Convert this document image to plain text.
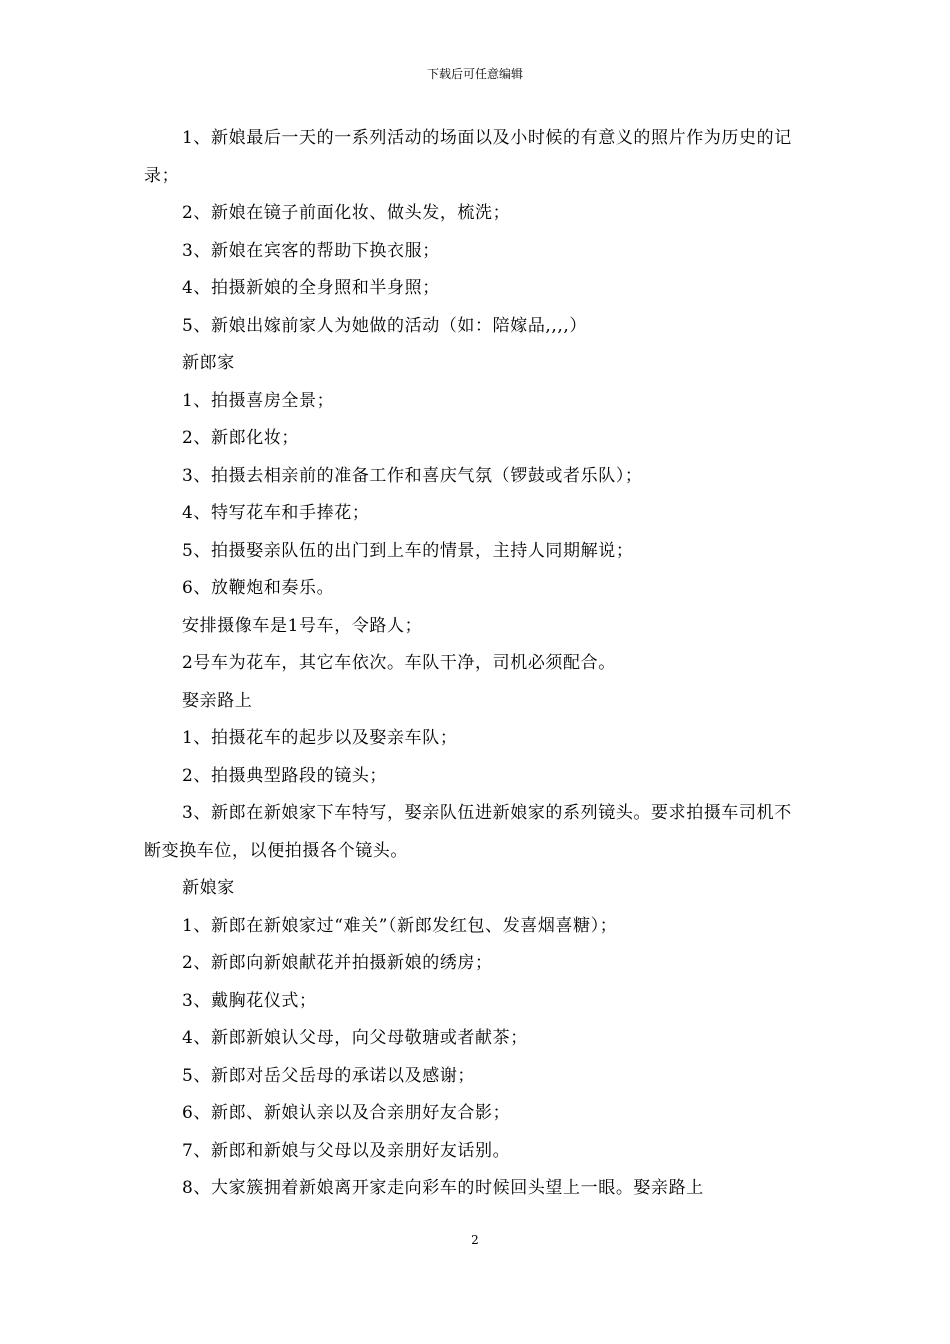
下载后可任意编辑

1、新娘最后一天的一系列活动的场面以及小时候的有意义的照片作为历史的记录；

2、新娘在镜子前面化妆、做头发，梳洗；

3、新娘在宾客的帮助下换衣服；

4、拍摄新娘的全身照和半身照；

5、新娘出嫁前家人为她做的活动（如：陪嫁品,,,,）

新郎家

1、拍摄喜房全景；

2、新郎化妆；

3、拍摄去相亲前的准备工作和喜庆气氛（锣鼓或者乐队）；

4、特写花车和手捧花；

5、拍摄娶亲队伍的出门到上车的情景，主持人同期解说；

6、放鞭炮和奏乐。

安排摄像车是1号车，令路人；

2号车为花车，其它车依次。车队干净，司机必须配合。

娶亲路上

1、拍摄花车的起步以及娶亲车队；

2、拍摄典型路段的镜头；

3、新郎在新娘家下车特写，娶亲队伍进新娘家的系列镜头。要求拍摄车司机不断变换车位，以便拍摄各个镜头。

新娘家

1、新郎在新娘家过“难关”（新郎发红包、发喜烟喜糖）；

2、新郎向新娘献花并拍摄新娘的绣房；

3、戴胸花仪式；

4、新郎新娘认父母，向父母敬瑭或者献茶；

5、新郎对岳父岳母的承诺以及感谢；

6、新郎、新娘认亲以及合亲朋好友合影；

7、新郎和新娘与父母以及亲朋好友话别。

8、大家簇拥着新娘离开家走向彩车的时候回头望上一眼。娶亲路上

2
